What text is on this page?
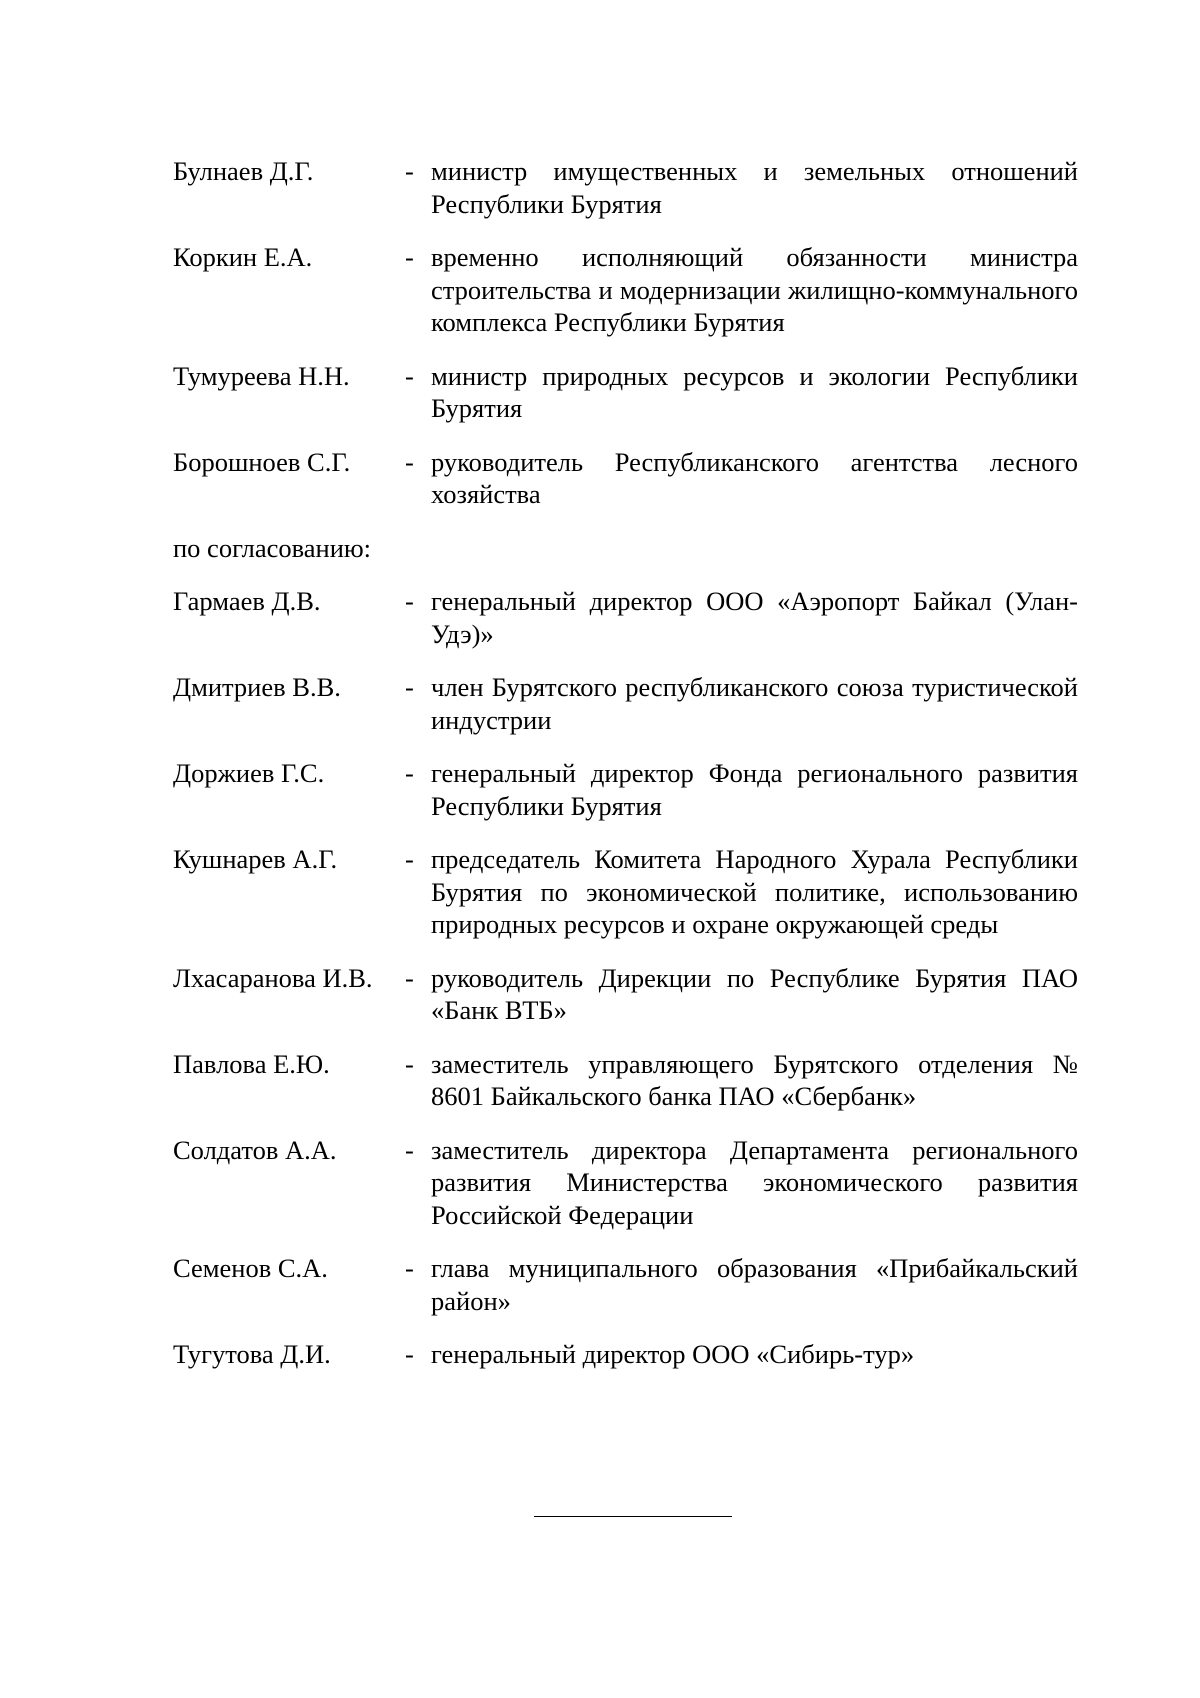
Булнаев Д.Г.	- министр имущественных и земельных отношений Республики Бурятия
Коркин Е.А.	- временно исполняющий обязанности министра строительства и модернизации жилищно-коммунального комплекса Республики Бурятия
Тумуреева Н.Н.	- министр природных ресурсов и экологии Республики Бурятия
Борошноев С.Г.	- руководитель Республиканского агентства лесного хозяйства
по согласованию:
Гармаев Д.В.	- генеральный директор ООО «Аэропорт Байкал (Улан-Удэ)»
Дмитриев В.В.	- член Бурятского республиканского союза туристической индустрии
Доржиев Г.С.	- генеральный директор Фонда регионального развития Республики Бурятия
Кушнарев А.Г.	- председатель Комитета Народного Хурала Республики Бурятия по экономической политике, использованию природных ресурсов и охране окружающей среды
Лхасаранова И.В.	- руководитель Дирекции по Республике Бурятия ПАО «Банк ВТБ»
Павлова Е.Ю.	- заместитель управляющего Бурятского отделения № 8601 Байкальского банка ПАО «Сбербанк»
Солдатов А.А.	- заместитель директора Департамента регионального развития Министерства экономического развития Российской Федерации
Семенов С.А.	- глава муниципального образования «Прибайкальский район»
Тугутова Д.И.	- генеральный директор ООО «Сибирь-тур»
